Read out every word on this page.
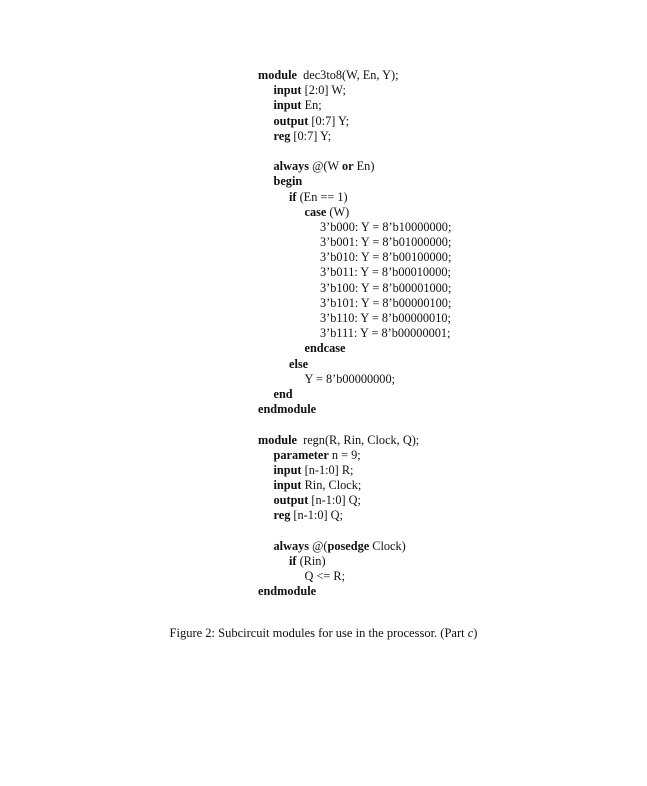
module  dec3to8(W, En, Y);
input [2:0] W;
input En;
output [0:7] Y;
reg [0:7] Y;
always @(W or En)
begin
if (En == 1)
case (W)
3’b000: Y = 8’b10000000;
3’b001: Y = 8’b01000000;
3’b010: Y = 8’b00100000;
3’b011: Y = 8’b00010000;
3’b100: Y = 8’b00001000;
3’b101: Y = 8’b00000100;
3’b110: Y = 8’b00000010;
3’b111: Y = 8’b00000001;
endcase
else
Y = 8’b00000000;
end
endmodule
module  regn(R, Rin, Clock, Q);
parameter n = 9;
input [n-1:0] R;
input Rin, Clock;
output [n-1:0] Q;
reg [n-1:0] Q;
always @(posedge Clock)
if (Rin)
Q <= R;
endmodule
Figure 2: Subcircuit modules for use in the processor. (Part c)
